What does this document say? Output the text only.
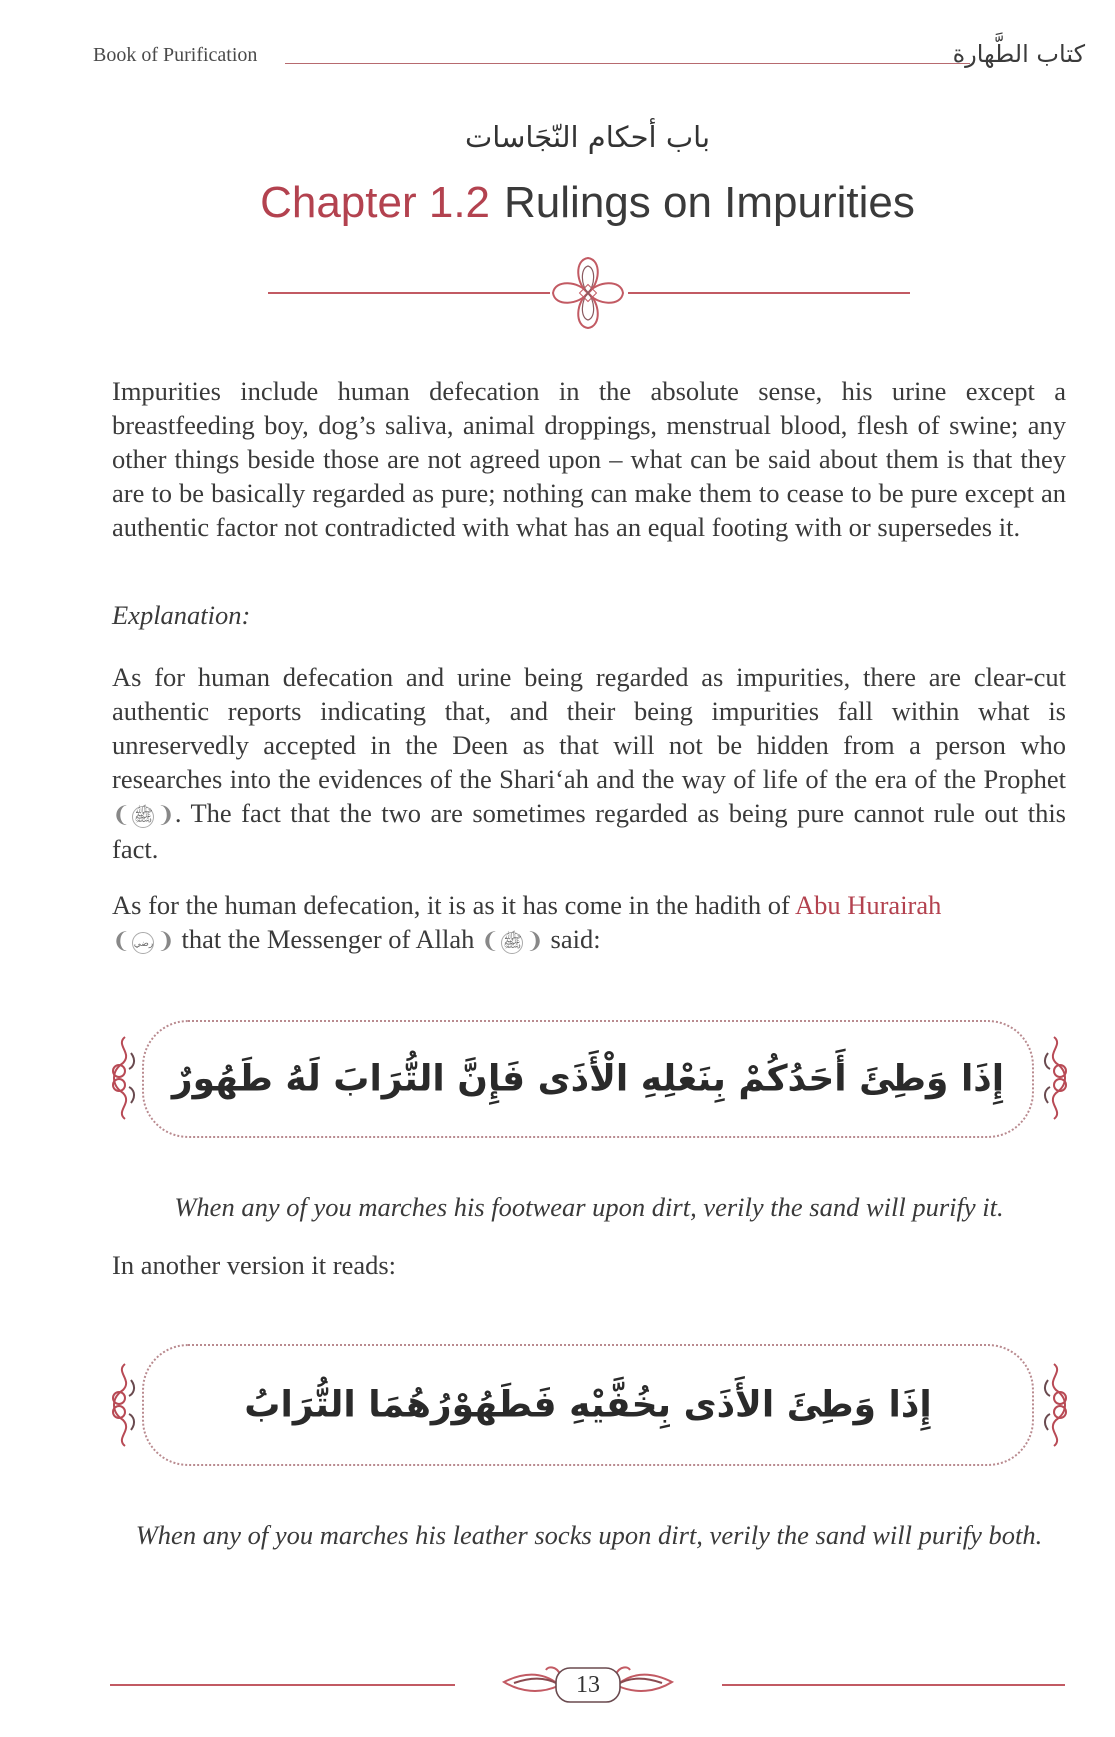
Book of Purification	كتاب الطَّهارة
باب أحكام النّجَاسات
Chapter 1.2 Rulings on Impurities

Impurities include human defecation in the absolute sense, his urine except a breastfeeding boy, dog’s saliva, animal droppings, menstrual blood, flesh of swine; any other things beside those are not agreed upon – what can be said about them is that they are to be basically regarded as pure; nothing can make them to cease to be pure except an authentic factor not contradicted with what has an equal footing with or supersedes it.

Explanation:

As for human defecation and urine being regarded as impurities, there are clear-cut authentic reports indicating that, and their being impurities fall within what is unreservedly accepted in the Deen as that will not be hidden from a person who researches into the evidences of the Shari‘ah and the way of life of the era of the Prophet ❨ ﷺ ❩. The fact that the two are sometimes regarded as being pure cannot rule out this fact.

As for the human defecation, it is as it has come in the hadith of Abu Hurairah
❨ رضي ❩ that the Messenger of Allah ❨ ﷺ ❩ said:

إِذَا وَطِئَ أَحَدُكُمْ بِنَعْلِهِ الْأَذَى فَإِنَّ التُّرَابَ لَهُ طَهُورٌ
When any of you marches his footwear upon dirt, verily the sand will purify it.
In another version it reads:
إِذَا وَطِئَ الأَذَى بِخُفَّيْهِ فَطَهُوْرُهُمَا التُّرَابُ
When any of you marches his leather socks upon dirt, verily the sand will purify both.
13
